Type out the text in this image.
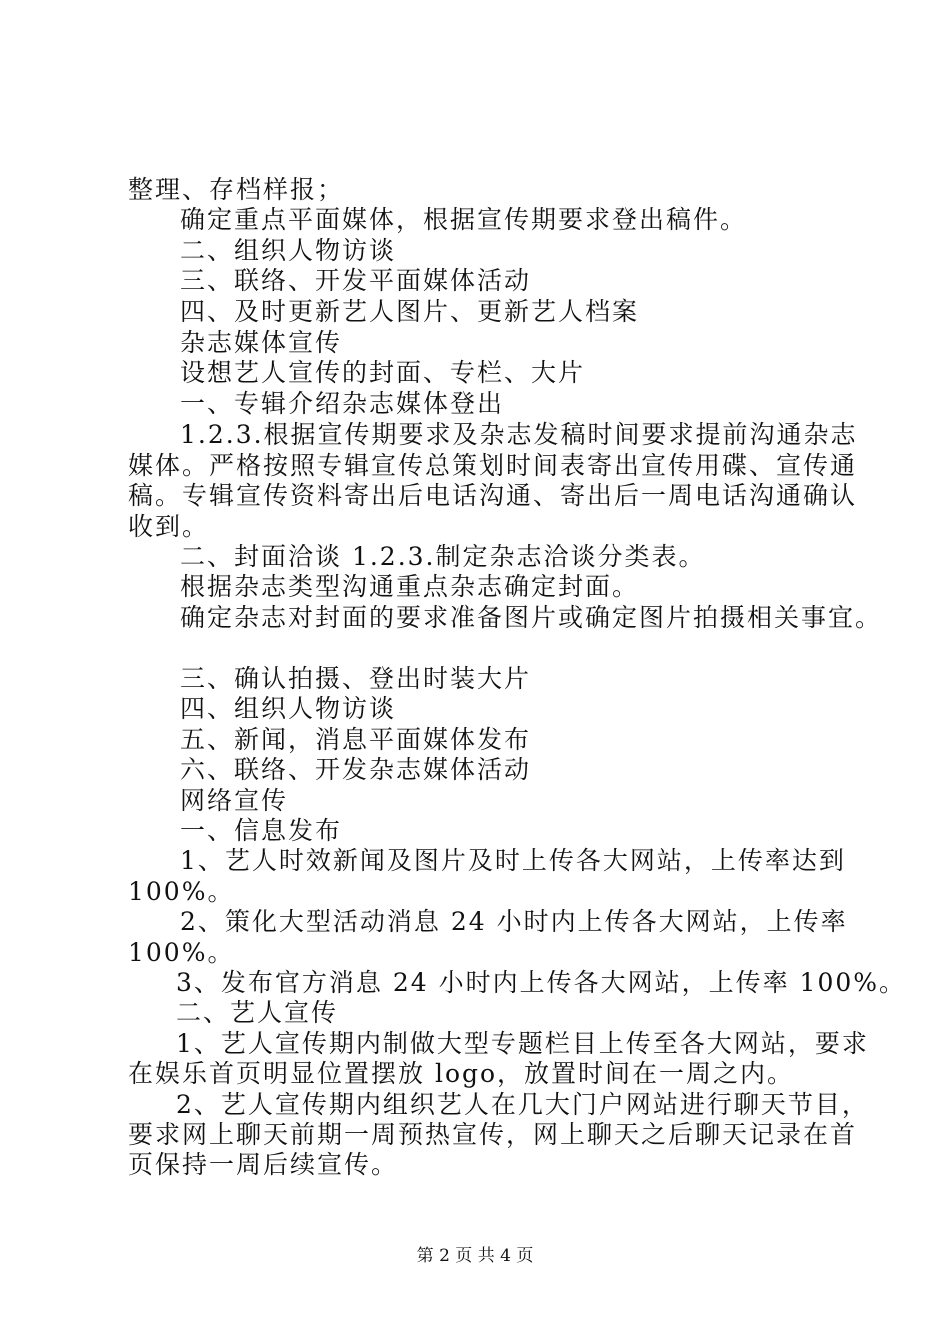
整理、存档样报；

确定重点平面媒体，根据宣传期要求登出稿件。

二、组织人物访谈

三、联络、开发平面媒体活动

四、及时更新艺人图片、更新艺人档案

杂志媒体宣传

设想艺人宣传的封面、专栏、大片

一、专辑介绍杂志媒体登出

1.2.3.根据宣传期要求及杂志发稿时间要求提前沟通杂志

媒体。严格按照专辑宣传总策划时间表寄出宣传用碟、宣传通

稿。专辑宣传资料寄出后电话沟通、寄出后一周电话沟通确认

收到。

二、封面洽谈 1.2.3.制定杂志洽谈分类表。

根据杂志类型沟通重点杂志确定封面。

确定杂志对封面的要求准备图片或确定图片拍摄相关事宜。

三、确认拍摄、登出时装大片

四、组织人物访谈

五、新闻，消息平面媒体发布

六、联络、开发杂志媒体活动

网络宣传

一、信息发布

1、艺人时效新闻及图片及时上传各大网站，上传率达到

100%。

2、策化大型活动消息 24 小时内上传各大网站，上传率

100%。

3、发布官方消息 24 小时内上传各大网站，上传率 100%。

二、艺人宣传

1、艺人宣传期内制做大型专题栏目上传至各大网站，要求

在娱乐首页明显位置摆放 logo，放置时间在一周之内。

2、艺人宣传期内组织艺人在几大门户网站进行聊天节目，

要求网上聊天前期一周预热宣传，网上聊天之后聊天记录在首

页保持一周后续宣传。

第 2 页 共 4 页
